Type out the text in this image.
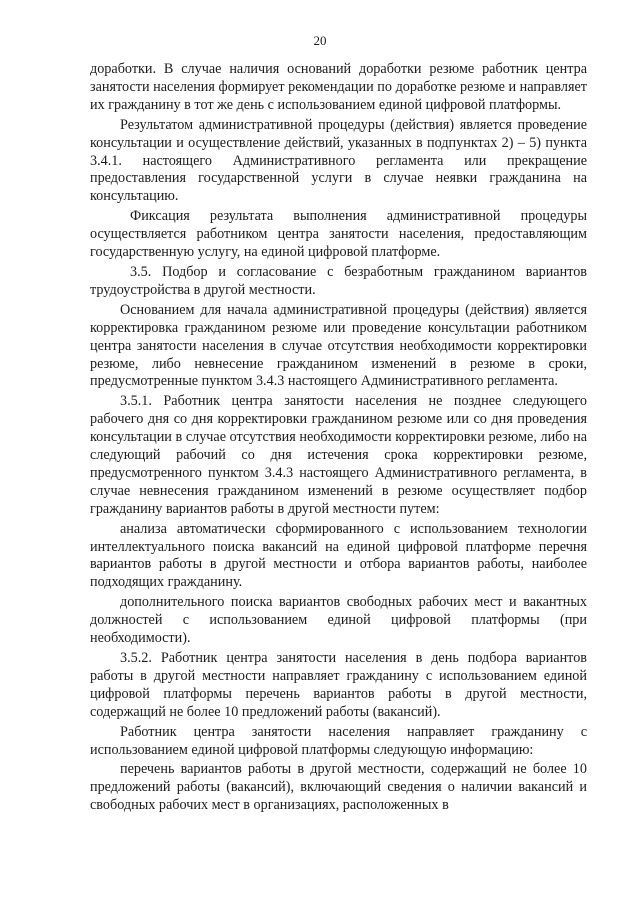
20

доработки. В случае наличия оснований доработки резюме работник центра занятости населения формирует рекомендации по доработке резюме и направляет их гражданину в тот же день с использованием единой цифровой платформы.

Результатом административной процедуры (действия) является проведение консультации и осуществление действий, указанных в подпунктах 2) – 5) пункта 3.4.1. настоящего Административного регламента или прекращение предоставления государственной услуги в случае неявки гражданина на консультацию.

Фиксация результата выполнения административной процедуры осуществляется работником центра занятости населения, предоставляющим государственную услугу, на единой цифровой платформе.

3.5. Подбор и согласование с безработным гражданином вариантов трудоустройства в другой местности.

Основанием для начала административной процедуры (действия) является корректировка гражданином резюме или проведение консультации работником центра занятости населения в случае отсутствия необходимости корректировки резюме, либо невнесение гражданином изменений в резюме в сроки, предусмотренные пунктом 3.4.3 настоящего Административного регламента.

3.5.1. Работник центра занятости населения не позднее следующего рабочего дня со дня корректировки гражданином резюме или со дня проведения консультации в случае отсутствия необходимости корректировки резюме, либо на следующий рабочий со дня истечения срока корректировки резюме, предусмотренного пунктом 3.4.3 настоящего Административного регламента, в случае невнесения гражданином изменений в резюме осуществляет подбор гражданину вариантов работы в другой местности путем:

анализа автоматически сформированного с использованием технологии интеллектуального поиска вакансий на единой цифровой платформе перечня вариантов работы в другой местности и отбора вариантов работы, наиболее подходящих гражданину.

дополнительного поиска вариантов свободных рабочих мест и вакантных должностей с использованием единой цифровой платформы (при необходимости).

3.5.2. Работник центра занятости населения в день подбора вариантов работы в другой местности направляет гражданину с использованием единой цифровой платформы перечень вариантов работы в другой местности, содержащий не более 10 предложений работы (вакансий).

Работник центра занятости населения направляет гражданину с использованием единой цифровой платформы следующую информацию:

перечень вариантов работы в другой местности, содержащий не более 10 предложений работы (вакансий), включающий сведения о наличии вакансий и свободных рабочих мест в организациях, расположенных в
